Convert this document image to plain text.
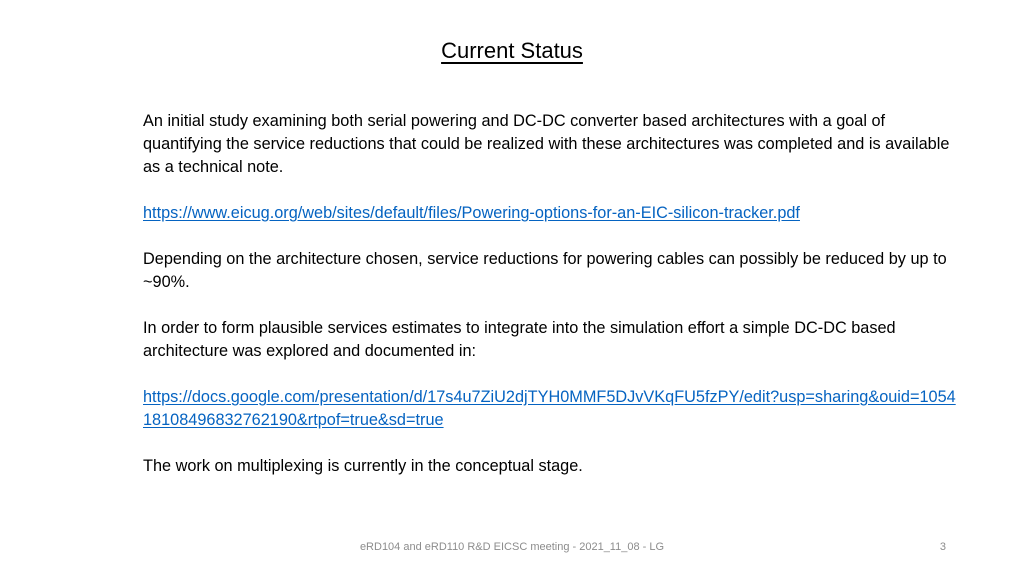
Current Status

An initial study examining both serial powering and DC-DC converter based architectures with a goal of quantifying the service reductions that could be realized with these architectures was completed and is available as a technical note.

https://www.eicug.org/web/sites/default/files/Powering-options-for-an-EIC-silicon-tracker.pdf

Depending on the architecture chosen, service reductions for powering cables can possibly be reduced by up to ~90%.

In order to form plausible services estimates to integrate into the simulation effort a simple DC-DC based architecture was explored and documented in:

https://docs.google.com/presentation/d/17s4u7ZiU2djTYH0MMF5DJvVKqFU5fzPY/edit?usp=sharing&ouid=105418108496832762190&rtpof=true&sd=true

The work on multiplexing is currently in the conceptual stage.

eRD104 and eRD110 R&D EICSC meeting - 2021_11_08 - LG	3
